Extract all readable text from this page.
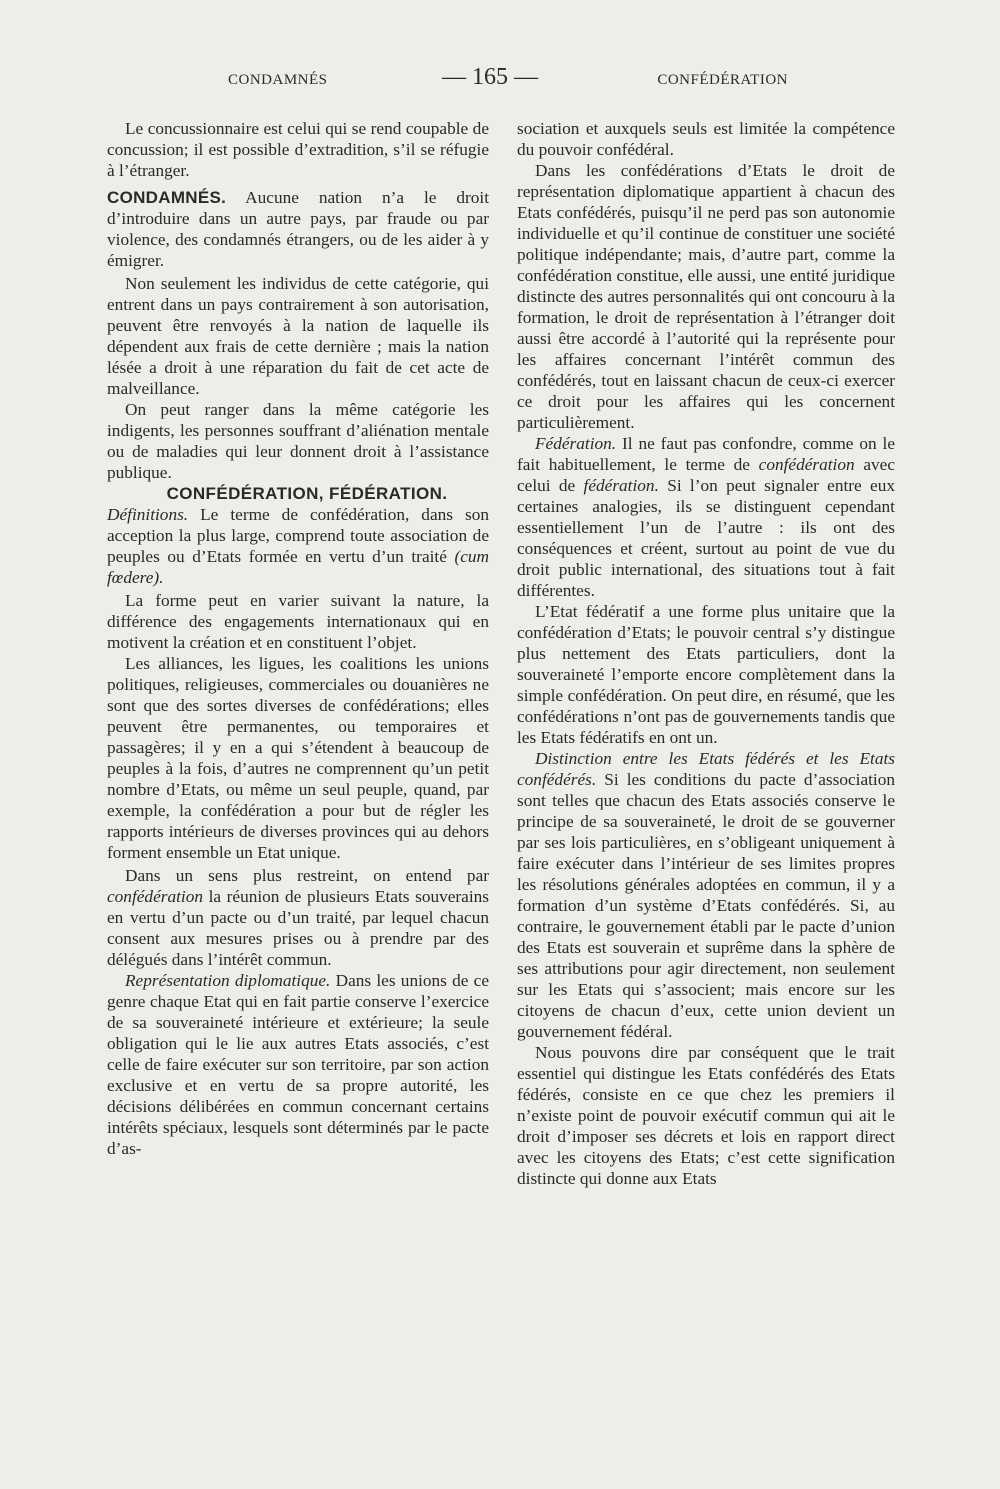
CONDAMNÉS	— 165 —	CONFÉDÉRATION

Le concussionnaire est celui qui se rend coupable de concussion; il est possible d’extradition, s’il se réfugie à l’étranger.

CONDAMNÉS. Aucune nation n’a le droit d’introduire dans un autre pays, par fraude ou par violence, des condamnés étrangers, ou de les aider à y émigrer.

Non seulement les individus de cette catégorie, qui entrent dans un pays contrairement à son autorisation, peuvent être renvoyés à la nation de laquelle ils dépendent aux frais de cette dernière ; mais la nation lésée a droit à une réparation du fait de cet acte de malveillance.

On peut ranger dans la même catégorie les indigents, les personnes souffrant d’aliénation mentale ou de maladies qui leur donnent droit à l’assistance publique.

CONFÉDÉRATION, FÉDÉRATION.

Définitions. Le terme de confédération, dans son acception la plus large, comprend toute association de peuples ou d’Etats formée en vertu d’un traité (cum fœdere).

La forme peut en varier suivant la nature, la différence des engagements internationaux qui en motivent la création et en constituent l’objet.

Les alliances, les ligues, les coalitions les unions politiques, religieuses, commerciales ou douanières ne sont que des sortes diverses de confédérations; elles peuvent être permanentes, ou temporaires et passagères; il y en a qui s’étendent à beaucoup de peuples à la fois, d’autres ne comprennent qu’un petit nombre d’Etats, ou même un seul peuple, quand, par exemple, la confédération a pour but de régler les rapports intérieurs de diverses provinces qui au dehors forment ensemble un Etat unique.

Dans un sens plus restreint, on entend par confédération la réunion de plusieurs Etats souverains en vertu d’un pacte ou d’un traité, par lequel chacun consent aux mesures prises ou à prendre par des délégués dans l’intérêt commun.

Représentation diplomatique. Dans les unions de ce genre chaque Etat qui en fait partie conserve l’exercice de sa souveraineté intérieure et extérieure; la seule obligation qui le lie aux autres Etats associés, c’est celle de faire exécuter sur son territoire, par son action exclusive et en vertu de sa propre autorité, les décisions délibérées en commun concernant certains intérêts spéciaux, lesquels sont déterminés par le pacte d’as-

sociation et auxquels seuls est limitée la compétence du pouvoir confédéral.

Dans les confédérations d’Etats le droit de représentation diplomatique appartient à chacun des Etats confédérés, puisqu’il ne perd pas son autonomie individuelle et qu’il continue de constituer une société politique indépendante; mais, d’autre part, comme la confédération constitue, elle aussi, une entité juridique distincte des autres personnalités qui ont concouru à la formation, le droit de représentation à l’étranger doit aussi être accordé à l’autorité qui la représente pour les affaires concernant l’intérêt commun des confédérés, tout en laissant chacun de ceux-ci exercer ce droit pour les affaires qui les concernent particulièrement.

Fédération. Il ne faut pas confondre, comme on le fait habituellement, le terme de confédération avec celui de fédération. Si l’on peut signaler entre eux certaines analogies, ils se distinguent cependant essentiellement l’un de l’autre : ils ont des conséquences et créent, surtout au point de vue du droit public international, des situations tout à fait différentes.

L’Etat fédératif a une forme plus unitaire que la confédération d’Etats; le pouvoir central s’y distingue plus nettement des Etats particuliers, dont la souveraineté l’emporte encore complètement dans la simple confédération. On peut dire, en résumé, que les confédérations n’ont pas de gouvernements tandis que les Etats fédératifs en ont un.

Distinction entre les Etats fédérés et les Etats confédérés. Si les conditions du pacte d’association sont telles que chacun des Etats associés conserve le principe de sa souveraineté, le droit de se gouverner par ses lois particulières, en s’obligeant uniquement à faire exécuter dans l’intérieur de ses limites propres les résolutions générales adoptées en commun, il y a formation d’un système d’Etats confédérés. Si, au contraire, le gouvernement établi par le pacte d’union des Etats est souverain et suprême dans la sphère de ses attributions pour agir directement, non seulement sur les Etats qui s’associent; mais encore sur les citoyens de chacun d’eux, cette union devient un gouvernement fédéral.

Nous pouvons dire par conséquent que le trait essentiel qui distingue les Etats confédérés des Etats fédérés, consiste en ce que chez les premiers il n’existe point de pouvoir exécutif commun qui ait le droit d’imposer ses décrets et lois en rapport direct avec les citoyens des Etats; c’est cette signification distincte qui donne aux Etats
